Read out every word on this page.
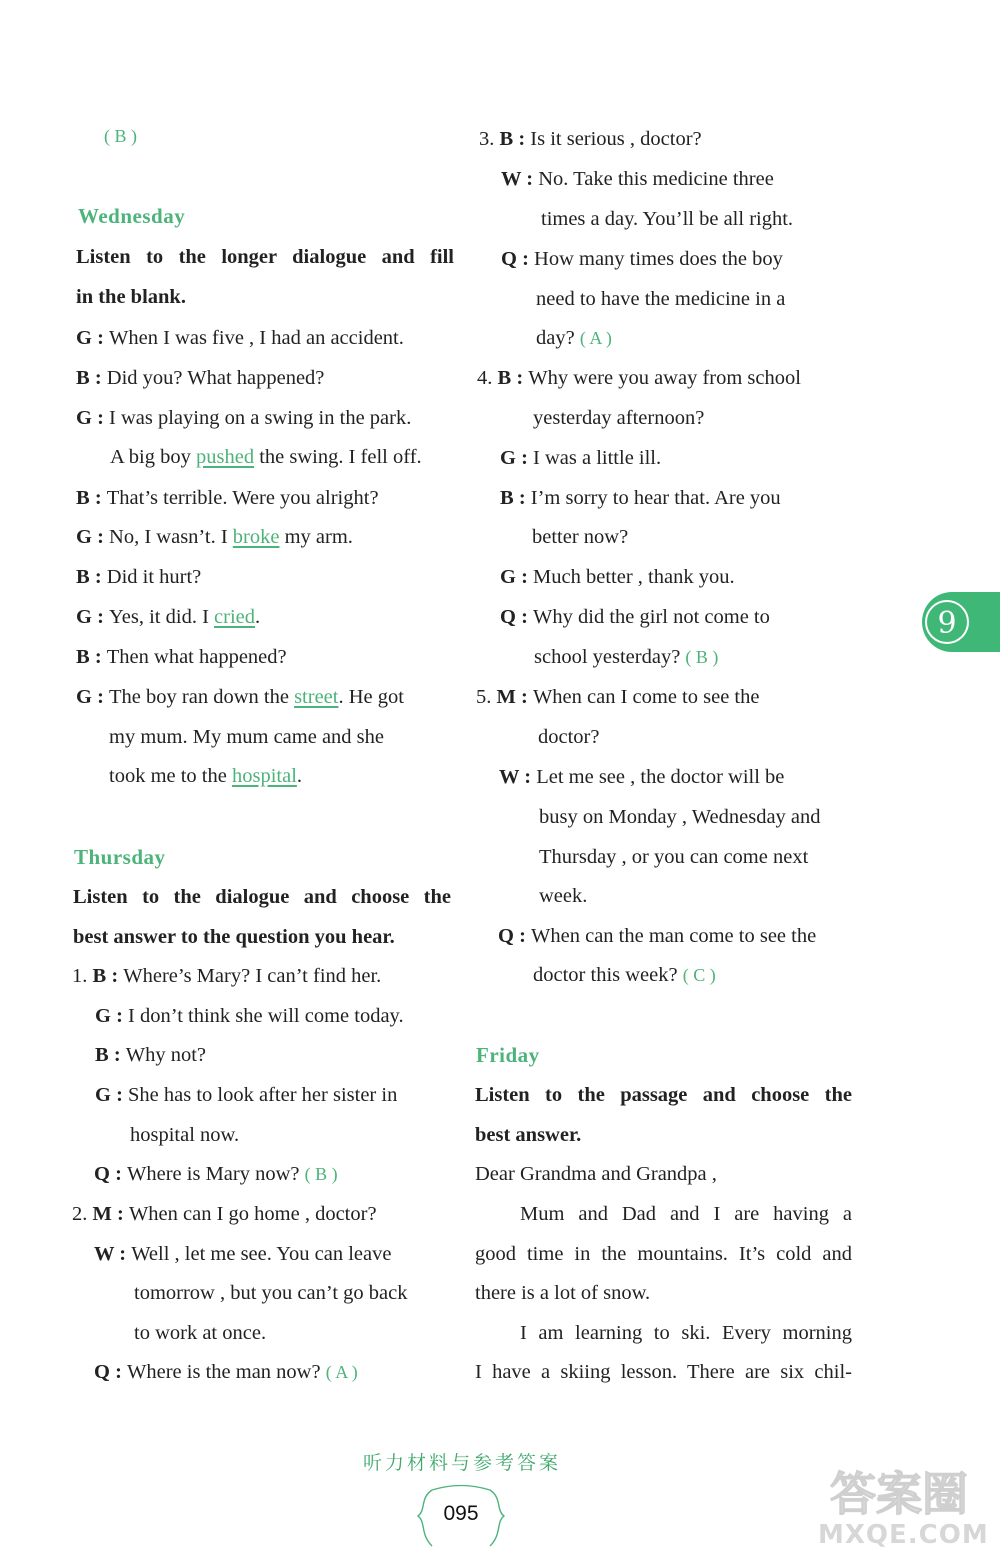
( B )
Wednesday
Listen to the longer dialogue and fill
in the blank.
G : When I was five , I had an accident.
B : Did you? What happened?
G : I was playing on a swing in the park.
A big boy pushed the swing. I fell off.
B : That’s terrible. Were you alright?
G : No, I wasn’t. I broke my arm.
B : Did it hurt?
G : Yes, it did. I cried.
B : Then what happened?
G : The boy ran down the street. He got
my mum. My mum came and she
took me to the hospital.
Thursday
Listen to the dialogue and choose the
best answer to the question you hear.
1. B : Where’s Mary? I can’t find her.
G : I don’t think she will come today.
B : Why not?
G : She has to look after her sister in
hospital now.
Q : Where is Mary now? ( B )
2. M : When can I go home , doctor?
W : Well , let me see. You can leave
tomorrow , but you can’t go back
to work at once.
Q : Where is the man now? ( A )
3. B : Is it serious , doctor?
W : No. Take this medicine three
times a day. You’ll be all right.
Q : How many times does the boy
need to have the medicine in a
day? ( A )
4. B : Why were you away from school
yesterday afternoon?
G : I was a little ill.
B : I’m sorry to hear that. Are you
better now?
G : Much better , thank you.
Q : Why did the girl not come to
school yesterday? ( B )
5. M : When can I come to see the
doctor?
W : Let me see , the doctor will be
busy on Monday , Wednesday and
Thursday , or you can come next
week.
Q : When can the man come to see the
doctor this week? ( C )
Friday
Listen to the passage and choose the
best answer.
Dear Grandma and Grandpa ,
Mum and Dad and I are having a
good time in the mountains. It’s cold and
there is a lot of snow.
I am learning to ski. Every morning
I have a skiing lesson. There are six chil-
9
听力材料与参考答案
095	答案圈
MXQE.COM
